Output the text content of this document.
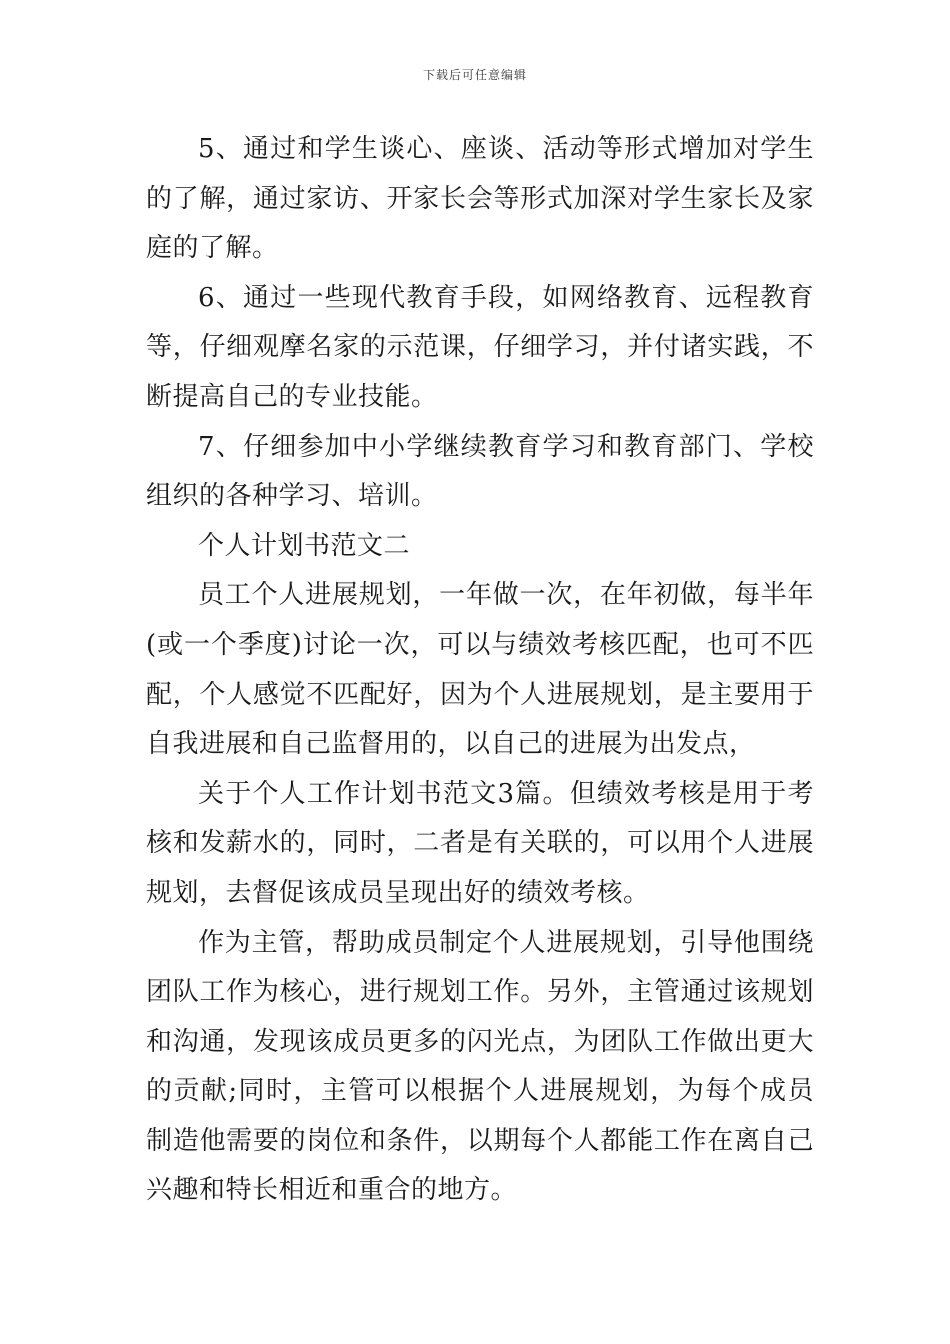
下载后可任意编辑

5、通过和学生谈心、座谈、活动等形式增加对学生的了解，通过家访、开家长会等形式加深对学生家长及家庭的了解。

6、通过一些现代教育手段，如网络教育、远程教育等，仔细观摩名家的示范课，仔细学习，并付诸实践，不断提高自己的专业技能。

7、仔细参加中小学继续教育学习和教育部门、学校组织的各种学习、培训。

个人计划书范文二

员工个人进展规划，一年做一次，在年初做，每半年(或一个季度)讨论一次，可以与绩效考核匹配，也可不匹配，个人感觉不匹配好，因为个人进展规划，是主要用于自我进展和自己监督用的，以自己的进展为出发点，

关于个人工作计划书范文3篇。但绩效考核是用于考核和发薪水的，同时，二者是有关联的，可以用个人进展规划，去督促该成员呈现出好的绩效考核。

作为主管，帮助成员制定个人进展规划，引导他围绕团队工作为核心，进行规划工作。另外，主管通过该规划和沟通，发现该成员更多的闪光点，为团队工作做出更大的贡献;同时，主管可以根据个人进展规划，为每个成员制造他需要的岗位和条件，以期每个人都能工作在离自己兴趣和特长相近和重合的地方。
